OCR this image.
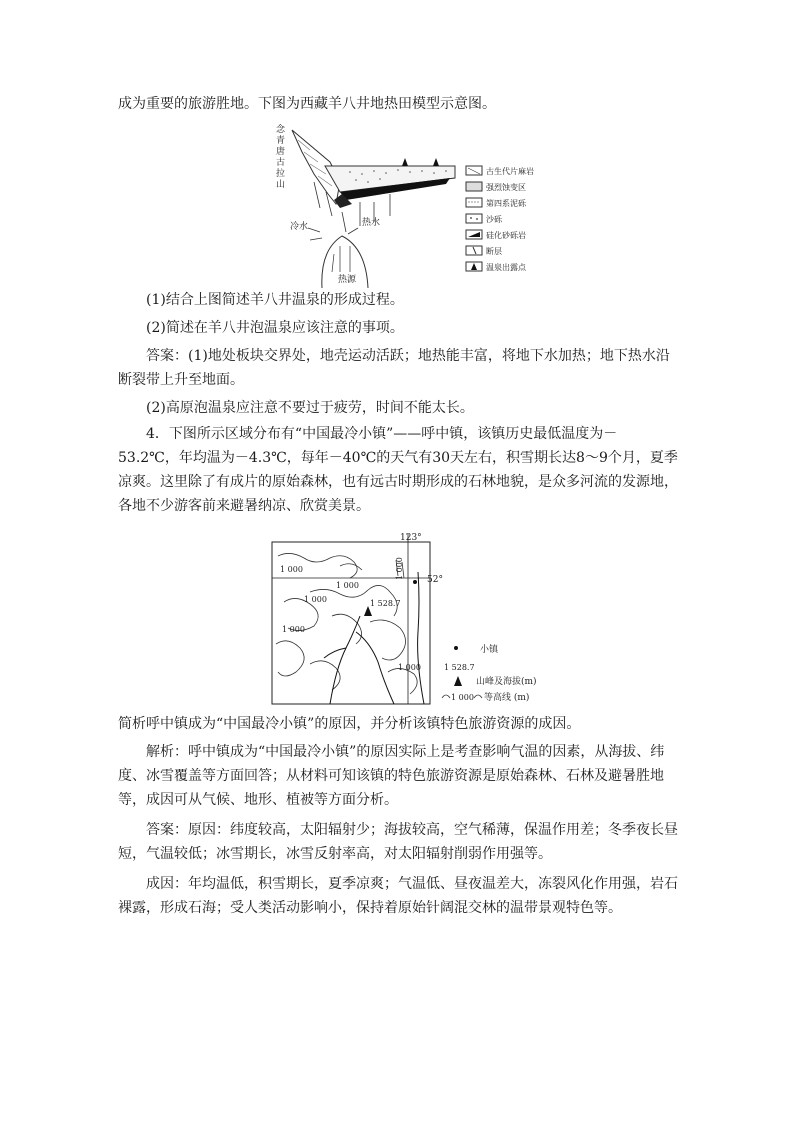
成为重要的旅游胜地。下图为西藏羊八井地热田模型示意图。

念
青
唐
古
拉
山
冷水	热水
热源
古生代片麻岩
强烈蚀变区
第四系泥砾
沙砾
硅化砂砾岩
断层
温泉出露点

(1)结合上图简述羊八井温泉的形成过程。

(2)简述在羊八井泡温泉应该注意的事项。

答案：(1)地处板块交界处，地壳运动活跃；地热能丰富，将地下水加热；地下热水沿断裂带上升至地面。

(2)高原泡温泉应注意不要过于疲劳，时间不能太长。

4．下图所示区域分布有“中国最冷小镇”——呼中镇，该镇历史最低温度为－53.2℃，年均温为－4.3℃，每年－40℃的天气有30天左右，积雪期长达8～9个月，夏季凉爽。这里除了有成片的原始森林，也有远古时期形成的石林地貌，是众多河流的发源地，各地不少游客前来避暑纳凉、欣赏美景。

123°
52°
1 000
1 000
1 000
1 000
1 000
1 000
1 528.7
小镇
1 528.7
山峰及海拔(m)
1 000 等高线 (m)

简析呼中镇成为“中国最冷小镇”的原因，并分析该镇特色旅游资源的成因。

解析：呼中镇成为“中国最冷小镇”的原因实际上是考查影响气温的因素，从海拔、纬度、冰雪覆盖等方面回答；从材料可知该镇的特色旅游资源是原始森林、石林及避暑胜地等，成因可从气候、地形、植被等方面分析。

答案：原因：纬度较高，太阳辐射少；海拔较高，空气稀薄，保温作用差；冬季夜长昼短，气温较低；冰雪期长，冰雪反射率高，对太阳辐射削弱作用强等。

成因：年均温低，积雪期长，夏季凉爽；气温低、昼夜温差大，冻裂风化作用强，岩石裸露，形成石海；受人类活动影响小，保持着原始针阔混交林的温带景观特色等。
